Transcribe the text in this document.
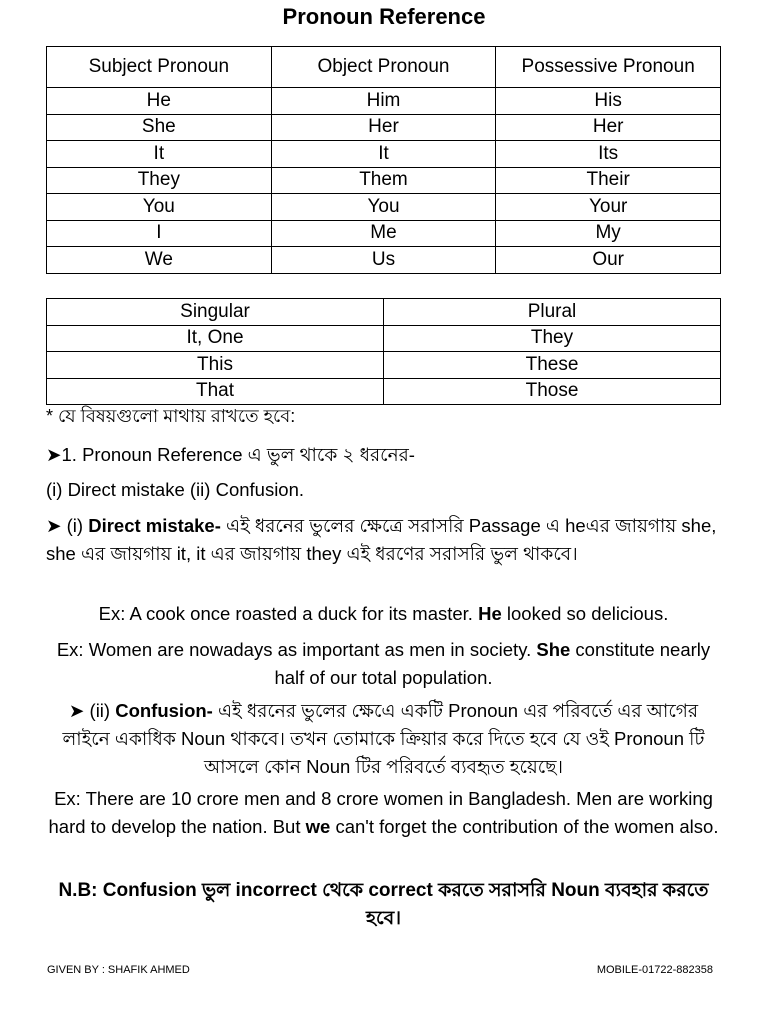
Pronoun Reference
Subject Pronoun	Object Pronoun	Possessive Pronoun
He	Him	His
She	Her	Her
It	It	Its
They	Them	Their
You	You	Your
I	Me	My
We	Us	Our
Singular	Plural
It, One	They
This	These
That	Those
* যে বিষয়গুলো মাথায় রাখতে হবে:
➤1. Pronoun Reference এ ভুল থাকে ২ ধরনের-
(i) Direct mistake (ii) Confusion.
➤ (i) Direct mistake- এই ধরনের ভুলের ক্ষেত্রে সরাসরি Passage এ heএর জায়গায় she, she এর জায়গায় it, it এর জায়গায় they এই ধরণের সরাসরি ভুল থাকবে।
Ex: A cook once roasted a duck for its master. He looked so delicious.
Ex: Women are nowadays as important as men in society. She constitute nearly half of our total population.
➤ (ii) Confusion- এই ধরনের ভুলের ক্ষেএে একটি Pronoun এর পরিবর্তে এর আগের লাইনে একাধিক Noun থাকবে। তখন তোমাকে ক্রিয়ার করে দিতে হবে যে ওই Pronoun টি আসলে কোন Noun টির পরিবর্তে ব্যবহৃত হয়েছে।
Ex: There are 10 crore men and 8 crore women in Bangladesh. Men are working hard to develop the nation. But we can't forget the contribution of the women also.
N.B: Confusion ভুল incorrect থেকে correct করতে সরাসরি Noun ব্যবহার করতে হবে।
GIVEN BY : SHAFIK AHMED	MOBILE-01722-882358
